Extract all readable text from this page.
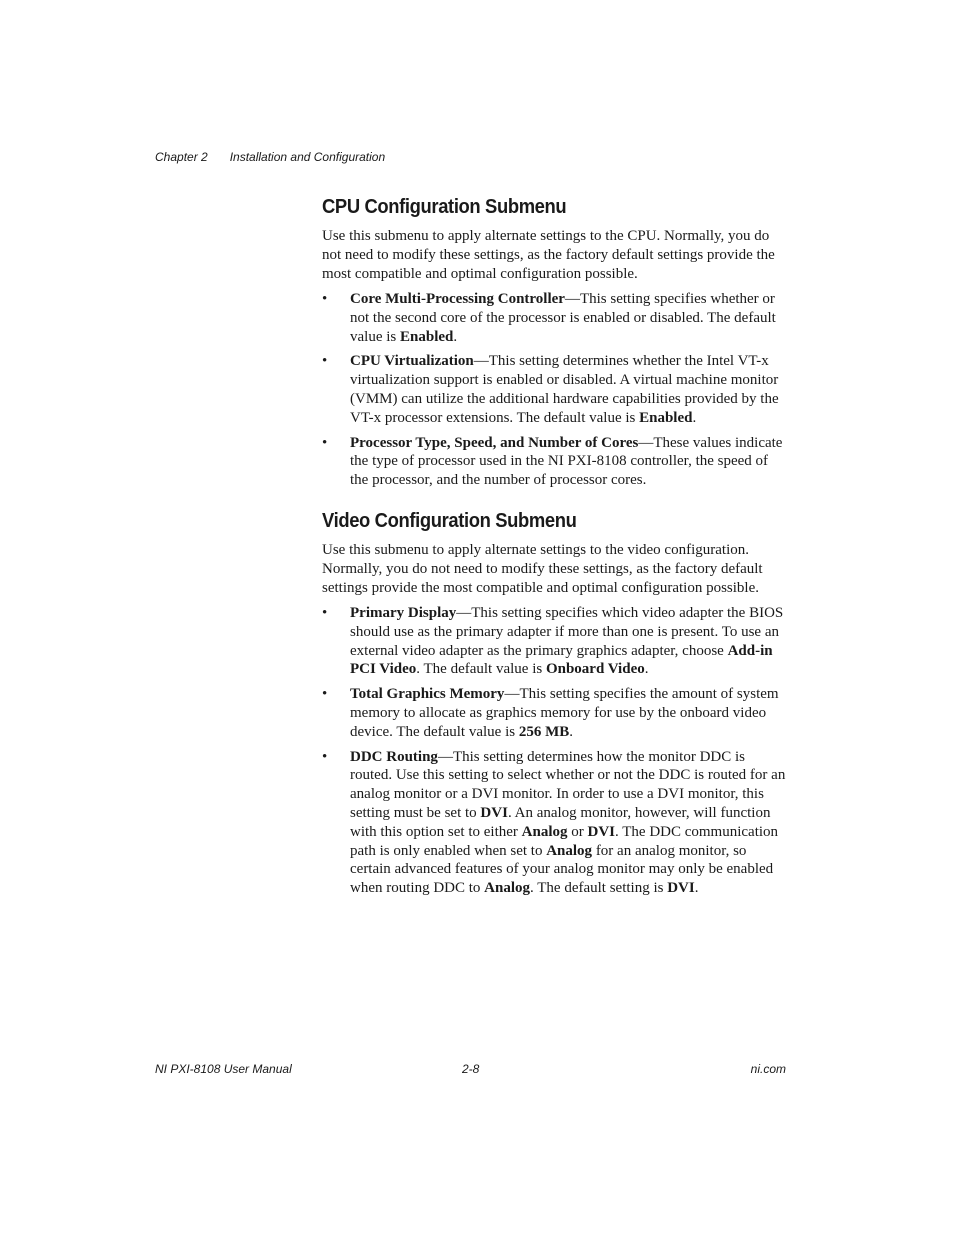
Chapter 2 Installation and Configuration
CPU Configuration Submenu

Use this submenu to apply alternate settings to the CPU. Normally, you do not need to modify these settings, as the factory default settings provide the most compatible and optimal configuration possible.

• Core Multi-Processing Controller—This setting specifies whether or not the second core of the processor is enabled or disabled. The default value is Enabled.
• CPU Virtualization—This setting determines whether the Intel VT-x virtualization support is enabled or disabled. A virtual machine monitor (VMM) can utilize the additional hardware capabilities provided by the VT-x processor extensions. The default value is Enabled.
• Processor Type, Speed, and Number of Cores—These values indicate the type of processor used in the NI PXI-8108 controller, the speed of the processor, and the number of processor cores.
Video Configuration Submenu

Use this submenu to apply alternate settings to the video configuration. Normally, you do not need to modify these settings, as the factory default settings provide the most compatible and optimal configuration possible.

• Primary Display—This setting specifies which video adapter the BIOS should use as the primary adapter if more than one is present. To use an external video adapter as the primary graphics adapter, choose Add-in PCI Video. The default value is Onboard Video.
• Total Graphics Memory—This setting specifies the amount of system memory to allocate as graphics memory for use by the onboard video device. The default value is 256 MB.
• DDC Routing—This setting determines how the monitor DDC is routed. Use this setting to select whether or not the DDC is routed for an analog monitor or a DVI monitor. In order to use a DVI monitor, this setting must be set to DVI. An analog monitor, however, will function with this option set to either Analog or DVI. The DDC communication path is only enabled when set to Analog for an analog monitor, so certain advanced features of your analog monitor may only be enabled when routing DDC to Analog. The default setting is DVI.
NI PXI-8108 User Manual	2-8	ni.com
